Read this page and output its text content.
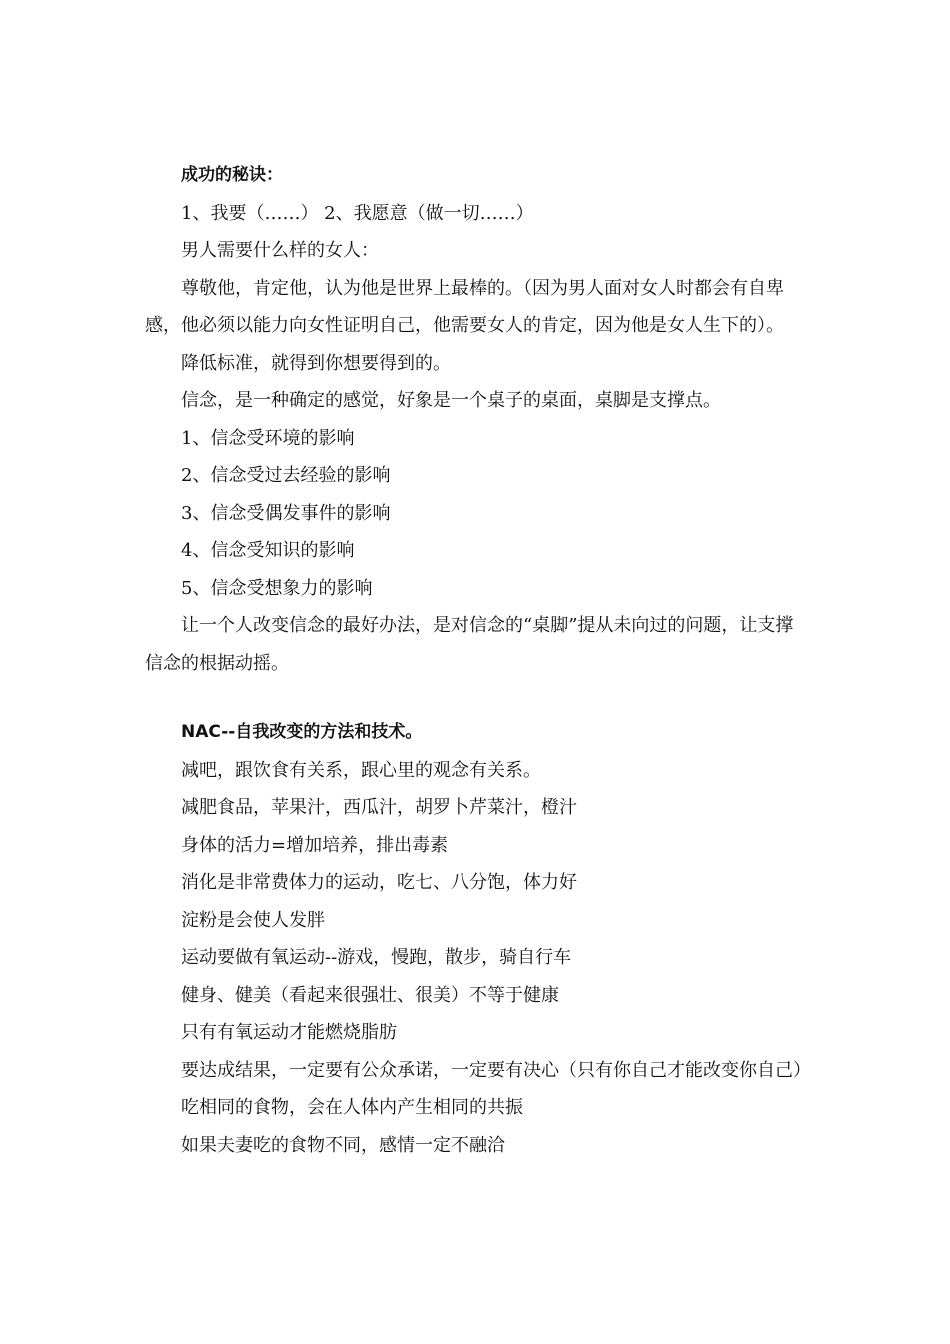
成功的秘诀：

1、我要（……） 2、我愿意（做一切……）

男人需要什么样的女人：

尊敬他，肯定他，认为他是世界上最棒的。（因为男人面对女人时都会有自卑感，他必须以能力向女性证明自己，他需要女人的肯定，因为他是女人生下的）。

降低标准，就得到你想要得到的。

信念，是一种确定的感觉，好象是一个桌子的桌面，桌脚是支撑点。

1、信念受环境的影响

2、信念受过去经验的影响

3、信念受偶发事件的影响

4、信念受知识的影响

5、信念受想象力的影响

让一个人改变信念的最好办法，是对信念的“桌脚”提从未向过的问题，让支撑信念的根据动摇。

NAC--自我改变的方法和技术。

减吧，跟饮食有关系，跟心里的观念有关系。

减肥食品，苹果汁，西瓜汁，胡罗卜芹菜汁，橙汁

身体的活力=增加培养，排出毒素

消化是非常费体力的运动，吃七、八分饱，体力好

淀粉是会使人发胖

运动要做有氧运动--游戏，慢跑，散步，骑自行车

健身、健美（看起来很强壮、很美）不等于健康

只有有氧运动才能燃烧脂肪

要达成结果，一定要有公众承诺，一定要有决心（只有你自己才能改变你自己）

吃相同的食物，会在人体内产生相同的共振

如果夫妻吃的食物不同，感情一定不融洽
